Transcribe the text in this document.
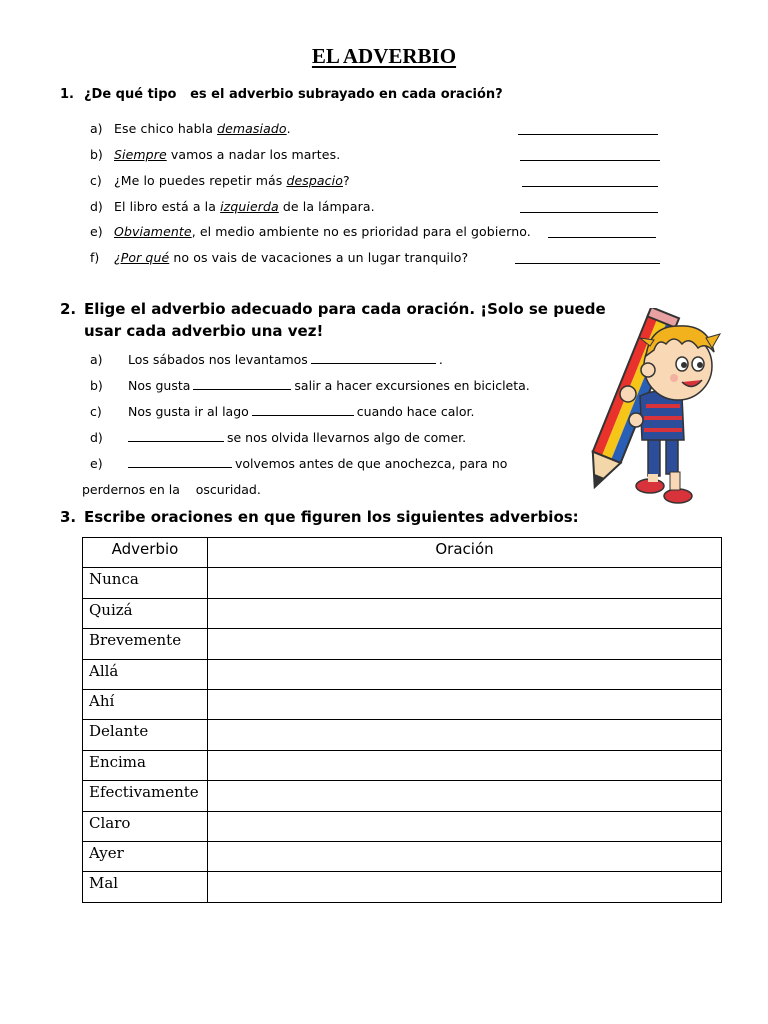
EL ADVERBIO
1. ¿De qué tipo   es el adverbio subrayado en cada oración?
a) Ese chico habla demasiado.
b) Siempre vamos a nadar los martes.
c) ¿Me lo puedes repetir más despacio?
d) El libro está a la izquierda de la lámpara.
e) Obviamente, el medio ambiente no es prioridad para el gobierno.
f)	¿Por qué no os vais de vacaciones a un lugar tranquilo?
2. Elige el adverbio adecuado para cada oración. ¡Solo se puede
usar cada adverbio una vez!
a)	Los sábados nos levantamos	.
b)	Nos gusta	salir a hacer excursiones en bicicleta.
c)	Nos gusta ir al lago	cuando hace calor.
d)	se nos olvida llevarnos algo de comer.
e)	volvemos antes de que anochezca, para no
perdernos en la    oscuridad.
3. Escribe oraciones en que figuren los siguientes adverbios:
Adverbio	Oración
Nunca	
Quizá	
Brevemente	
Allá	
Ahí	
Delante	
Encima	
Efectivamente	
Claro	
Ayer	
Mal	
